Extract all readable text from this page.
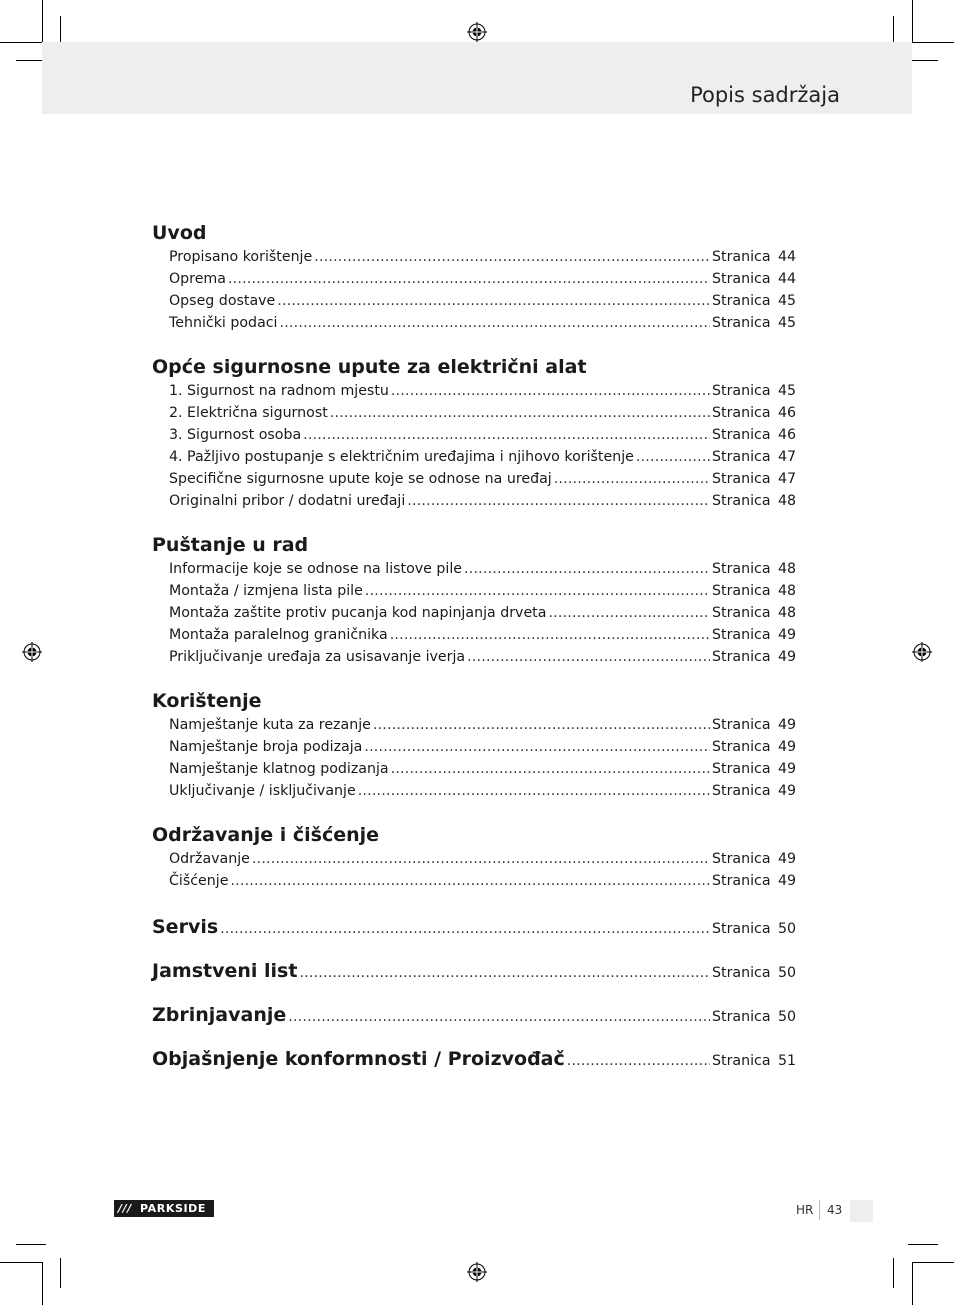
Popis sadržaja
Uvod
Propisano korištenje .....	Stranica 44
Oprema .....	Stranica 44
Opseg dostave .....	Stranica 45
Tehnički podaci .....	Stranica 45
Opće sigurnosne upute za električni alat
1. Sigurnost na radnom mjestu .....	Stranica 45
2. Električna sigurnost .....	Stranica 46
3. Sigurnost osoba .....	Stranica 46
4. Pažljivo postupanje s električnim uređajima i njihovo korištenje .....	Stranica 47
Specifične sigurnosne upute koje se odnose na uređaj .....	Stranica 47
Originalni pribor / dodatni uređaji .....	Stranica 48
Puštanje u rad
Informacije koje se odnose na listove pile .....	Stranica 48
Montaža / izmjena lista pile .....	Stranica 48
Montaža zaštite protiv pucanja kod napinjanja drveta .....	Stranica 48
Montaža paralelnog graničnika .....	Stranica 49
Priključivanje uređaja za usisavanje iverja .....	Stranica 49
Korištenje
Namještanje kuta za rezanje .....	Stranica 49
Namještanje broja podizaja .....	Stranica 49
Namještanje klatnog podizanja .....	Stranica 49
Uključivanje / isključivanje .....	Stranica 49
Održavanje i čišćenje
Održavanje .....	Stranica 49
Čišćenje .....	Stranica 49
Servis .....	Stranica 50
Jamstveni list .....	Stranica 50
Zbrinjavanje .....	Stranica 50
Objašnjenje konformnosti / Proizvođač .....	Stranica 51
/// PARKSIDE	HR 43
